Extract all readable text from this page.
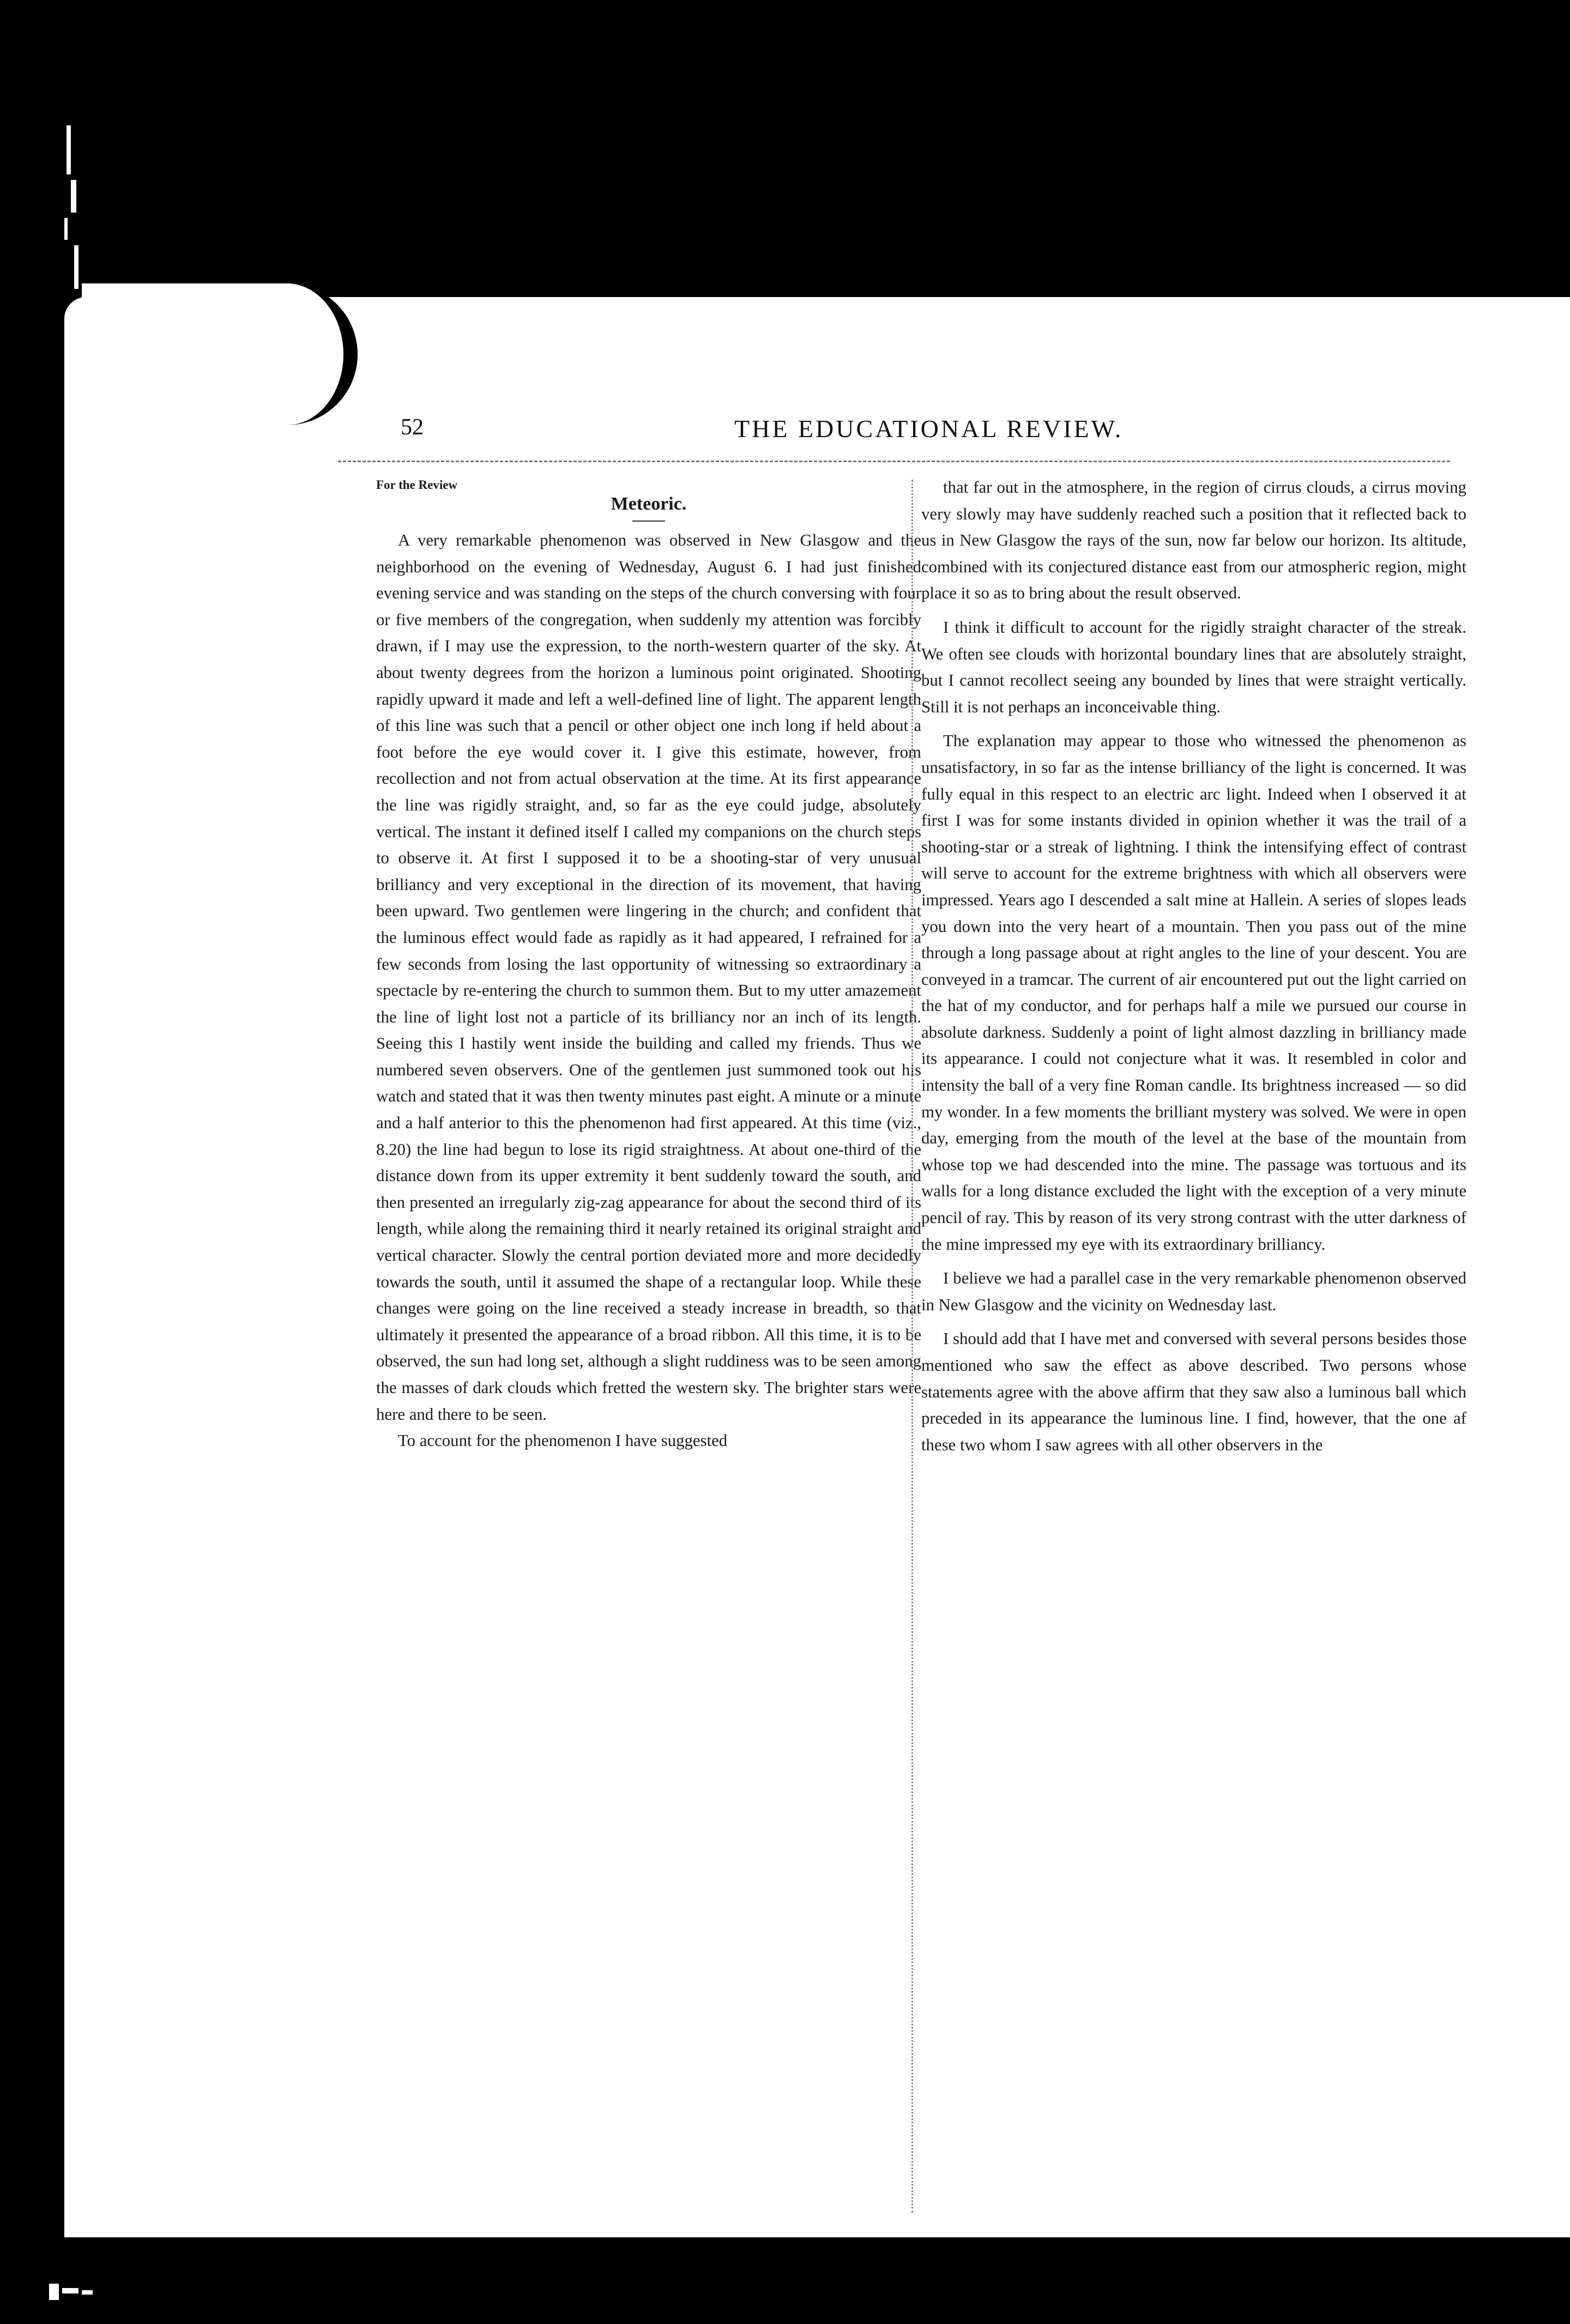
52	THE EDUCATIONAL REVIEW.
For the Review
Meteoric.

A very remarkable phenomenon was observed in New Glasgow and the neighborhood on the evening of Wednesday, August 6. I had just finished evening service and was standing on the steps of the church conversing with four or five members of the congregation, when suddenly my attention was forcibly drawn, if I may use the expression, to the north-western quarter of the sky. At about twenty degrees from the horizon a luminous point originated. Shooting rapidly upward it made and left a well-defined line of light. The apparent length of this line was such that a pencil or other object one inch long if held about a foot before the eye would cover it. I give this estimate, however, from recollection and not from actual observation at the time. At its first appearance the line was rigidly straight, and, so far as the eye could judge, absolutely vertical. The instant it defined itself I called my companions on the church steps to observe it. At first I supposed it to be a shooting-star of very unusual brilliancy and very exceptional in the direction of its movement, that having been upward. Two gentlemen were lingering in the church; and confident that the luminous effect would fade as rapidly as it had appeared, I refrained for a few seconds from losing the last opportunity of witnessing so extraordinary a spectacle by re-entering the church to summon them. But to my utter amazement the line of light lost not a particle of its brilliancy nor an inch of its length. Seeing this I hastily went inside the building and called my friends. Thus we numbered seven observers. One of the gentlemen just summoned took out his watch and stated that it was then twenty minutes past eight. A minute or a minute and a half anterior to this the phenomenon had first appeared. At this time (viz., 8.20) the line had begun to lose its rigid straightness. At about one-third of the distance down from its upper extremity it bent suddenly toward the south, and then presented an irregularly zig-zag appearance for about the second third of its length, while along the remaining third it nearly retained its original straight and vertical character. Slowly the central portion deviated more and more decidedly towards the south, until it assumed the shape of a rectangular loop. While these changes were going on the line received a steady increase in breadth, so that ultimately it presented the appearance of a broad ribbon. All this time, it is to be observed, the sun had long set, although a slight ruddiness was to be seen among the masses of dark clouds which fretted the western sky. The brighter stars were here and there to be seen.

To account for the phenomenon I have suggested

that far out in the atmosphere, in the region of cirrus clouds, a cirrus moving very slowly may have suddenly reached such a position that it reflected back to us in New Glasgow the rays of the sun, now far below our horizon. Its altitude, combined with its conjectured distance east from our atmospheric region, might place it so as to bring about the result observed.

I think it difficult to account for the rigidly straight character of the streak. We often see clouds with horizontal boundary lines that are absolutely straight, but I cannot recollect seeing any bounded by lines that were straight vertically. Still it is not perhaps an inconceivable thing.

The explanation may appear to those who witnessed the phenomenon as unsatisfactory, in so far as the intense brilliancy of the light is concerned. It was fully equal in this respect to an electric arc light. Indeed when I observed it at first I was for some instants divided in opinion whether it was the trail of a shooting-star or a streak of lightning. I think the intensifying effect of contrast will serve to account for the extreme brightness with which all observers were impressed. Years ago I descended a salt mine at Hallein. A series of slopes leads you down into the very heart of a mountain. Then you pass out of the mine through a long passage about at right angles to the line of your descent. You are conveyed in a tramcar. The current of air encountered put out the light carried on the hat of my conductor, and for perhaps half a mile we pursued our course in absolute darkness. Suddenly a point of light almost dazzling in brilliancy made its appearance. I could not conjecture what it was. It resembled in color and intensity the ball of a very fine Roman candle. Its brightness increased — so did my wonder. In a few moments the brilliant mystery was solved. We were in open day, emerging from the mouth of the level at the base of the mountain from whose top we had descended into the mine. The passage was tortuous and its walls for a long distance excluded the light with the exception of a very minute pencil of ray. This by reason of its very strong contrast with the utter darkness of the mine impressed my eye with its extraordinary brilliancy.

I believe we had a parallel case in the very remarkable phenomenon observed in New Glasgow and the vicinity on Wednesday last.

I should add that I have met and conversed with several persons besides those mentioned who saw the effect as above described. Two persons whose statements agree with the above affirm that they saw also a luminous ball which preceded in its appearance the luminous line. I find, however, that the one af these two whom I saw agrees with all other observers in the
